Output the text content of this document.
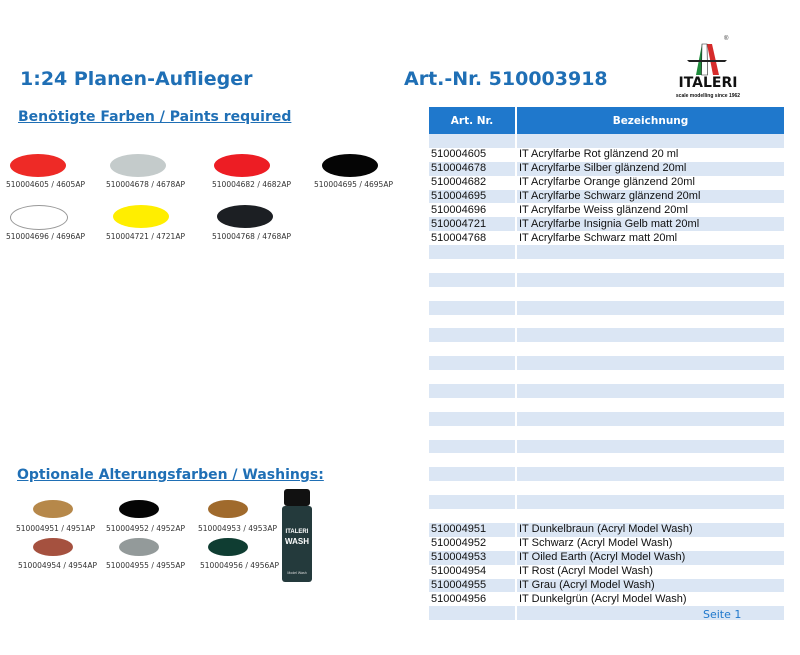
1:24 Planen-Auflieger	Art.-Nr. 510003918
®
ITALERI
scale modelling since 1962
Benötigte Farben / Paints required
510004605 / 4605AP	510004678 / 4678AP	510004682 / 4682AP	510004695 / 4695AP
510004696 / 4696AP	510004721 / 4721AP	510004768 / 4768AP
Optionale Alterungsfarben / Washings:
510004951 / 4951AP 510004952 / 4952AP 510004953 / 4953AP
510004954 / 4954AP 510004955 / 4955AP 510004956 / 4956AP
ITALERI
WASH
Model Wash
Art. Nr.	Bezeichnung

510004605	IT Acrylfarbe Rot glänzend 20 ml
510004678	IT Acrylfarbe Silber glänzend 20ml
510004682	IT Acrylfarbe Orange glänzend 20ml
510004695	IT Acrylfarbe Schwarz glänzend 20ml
510004696	IT Acrylfarbe Weiss glänzend 20ml
510004721	IT Acrylfarbe Insignia Gelb matt 20ml
510004768	IT Acrylfarbe Schwarz matt 20ml

510004951	IT Dunkelbraun (Acryl Model Wash)
510004952	IT Schwarz (Acryl Model Wash)
510004953	IT Oiled Earth (Acryl Model Wash)
510004954	IT Rost (Acryl Model Wash)
510004955	IT Grau (Acryl Model Wash)
510004956	IT Dunkelgrün (Acryl Model Wash)

Seite 1
